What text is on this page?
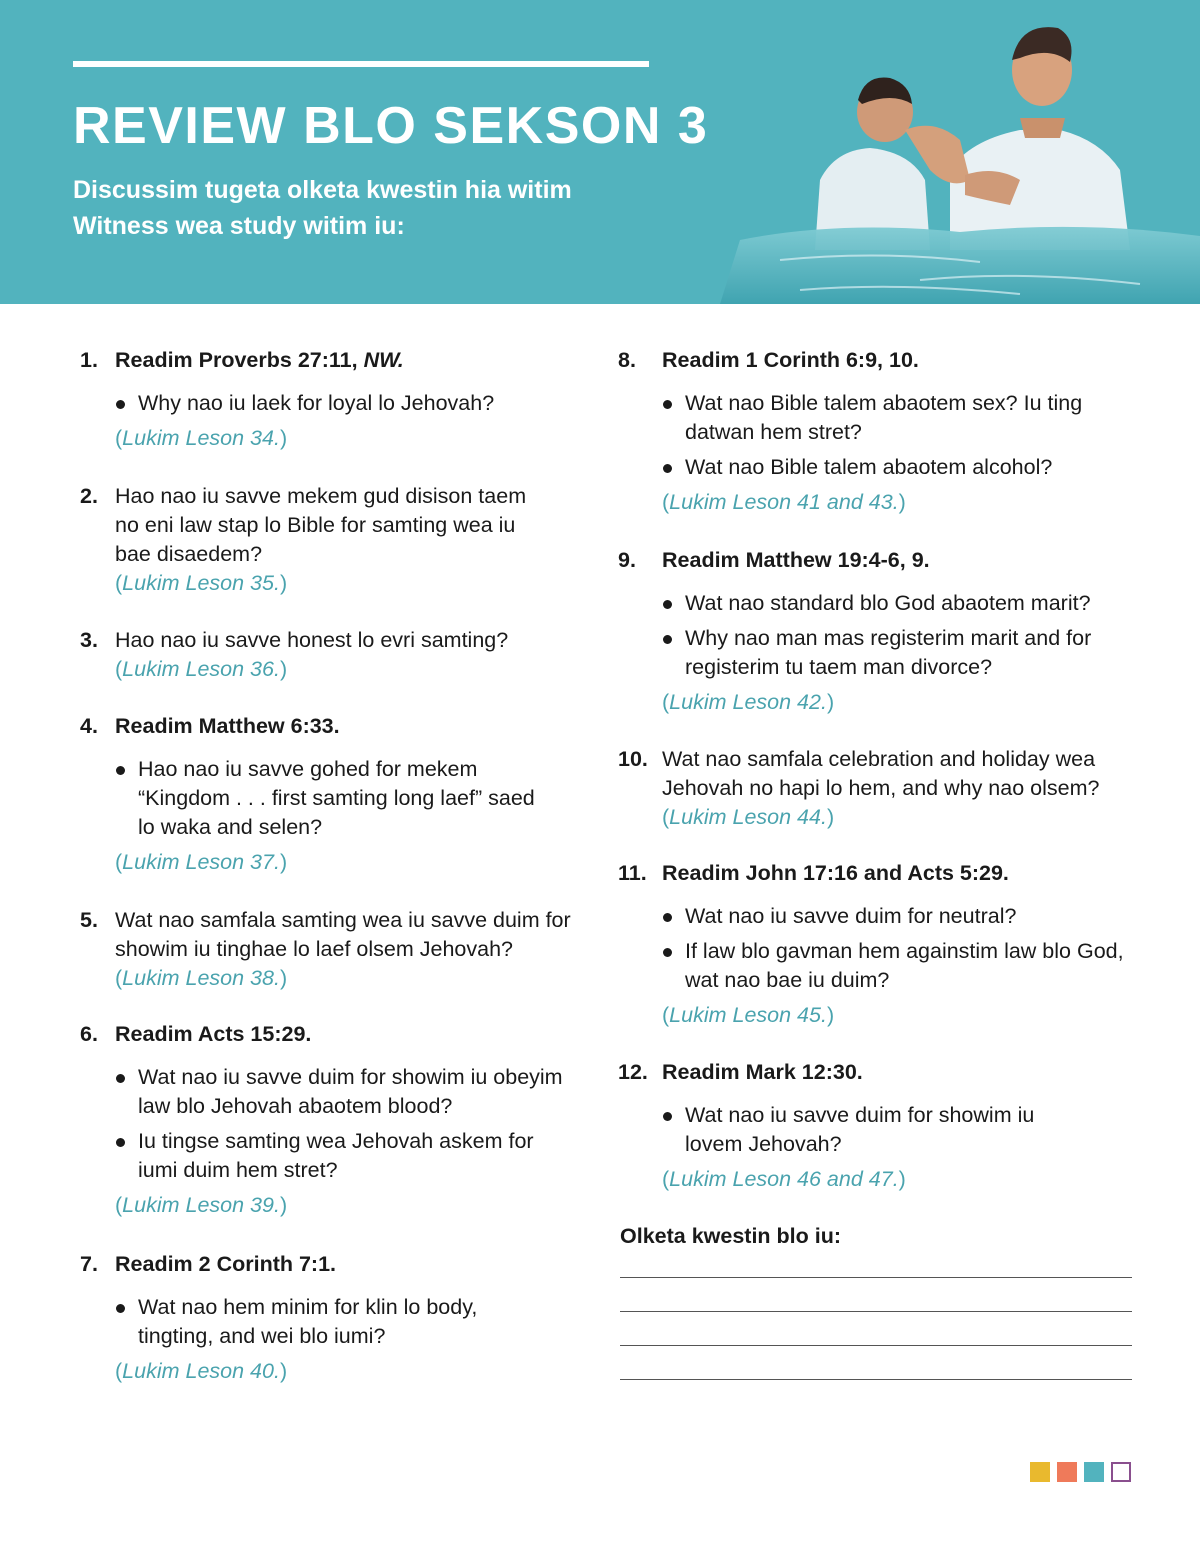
REVIEW BLO SEKSON 3

Discussim tugeta olketa kwestin hia witim Witness wea study witim iu:

1. Readim Proverbs 27:11, NW.
Why nao iu laek for loyal lo Jehovah?
(Lukim Leson 34.)
2. Hao nao iu savve mekem gud disison taem no eni law stap lo Bible for samting wea iu bae disaedem?
(Lukim Leson 35.)
3. Hao nao iu savve honest lo evri samting?
(Lukim Leson 36.)
4. Readim Matthew 6:33.
Hao nao iu savve gohed for mekem “Kingdom . . . first samting long laef” saed lo waka and selen?
(Lukim Leson 37.)
5. Wat nao samfala samting wea iu savve duim for showim iu tinghae lo laef olsem Jehovah?
(Lukim Leson 38.)
6. Readim Acts 15:29.
Wat nao iu savve duim for showim iu obeyim law blo Jehovah abaotem blood?
Iu tingse samting wea Jehovah askem for iumi duim hem stret?
(Lukim Leson 39.)
7. Readim 2 Corinth 7:1.
Wat nao hem minim for klin lo body, tingting, and wei blo iumi?
(Lukim Leson 40.)
8.	Readim 1 Corinth 6:9, 10.
Wat nao Bible talem abaotem sex? Iu ting datwan hem stret?
Wat nao Bible talem abaotem alcohol?
(Lukim Leson 41 and 43.)
9.	Readim Matthew 19:4-6, 9.
Wat nao standard blo God abaotem marit?
Why nao man mas registerim marit and for registerim tu taem man divorce?
(Lukim Leson 42.)
10. Wat nao samfala celebration and holiday wea Jehovah no hapi lo hem, and why nao olsem?
(Lukim Leson 44.)
11. Readim John 17:16 and Acts 5:29.
Wat nao iu savve duim for neutral?
If law blo gavman hem againstim law blo God, wat nao bae iu duim?
(Lukim Leson 45.)
12. Readim Mark 12:30.
Wat nao iu savve duim for showim iu lovem Jehovah?
(Lukim Leson 46 and 47.)
Olketa kwestin blo iu:
